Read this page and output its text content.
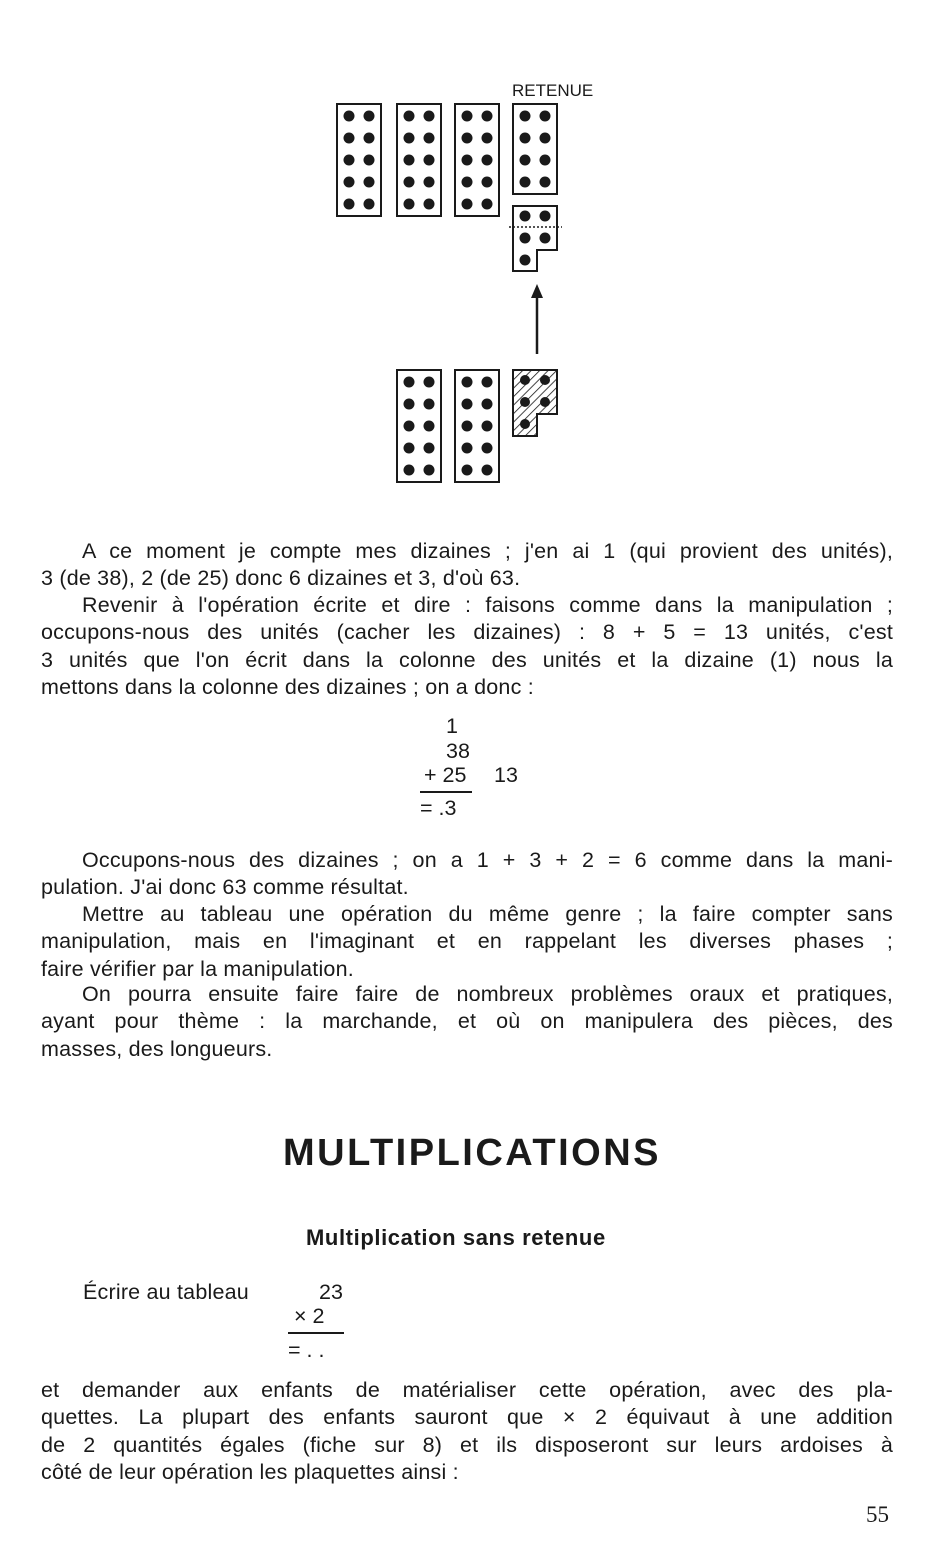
RETENUE
A ce moment je compte mes dizaines ; j'en ai 1 (qui provient des unités),
3 (de 38), 2 (de 25) donc 6 dizaines et 3, d'où 63.
Revenir à l'opération écrite et dire : faisons comme dans la manipulation ;
occupons-nous des unités (cacher les dizaines) : 8 + 5 = 13 unités, c'est
3 unités que l'on écrit dans la colonne des unités et la dizaine (1) nous la
mettons dans la colonne des dizaines ; on a donc :
1
38
+ 25 13
= .3
Occupons-nous des dizaines ; on a 1 + 3 + 2 = 6 comme dans la mani-
pulation. J'ai donc 63 comme résultat.
Mettre au tableau une opération du même genre ; la faire compter sans
manipulation, mais en l'imaginant et en rappelant les diverses phases ;
faire vérifier par la manipulation.
On pourra ensuite faire faire de nombreux problèmes oraux et pratiques,
ayant pour thème : la marchande, et où on manipulera des pièces, des
masses, des longueurs.
MULTIPLICATIONS
Multiplication sans retenue
Écrire au tableau	23
× 2
= . .
et demander aux enfants de matérialiser cette opération, avec des pla-
quettes. La plupart des enfants sauront que × 2 équivaut à une addition
de 2 quantités égales (fiche sur 8) et ils disposeront sur leurs ardoises à
côté de leur opération les plaquettes ainsi :
55
